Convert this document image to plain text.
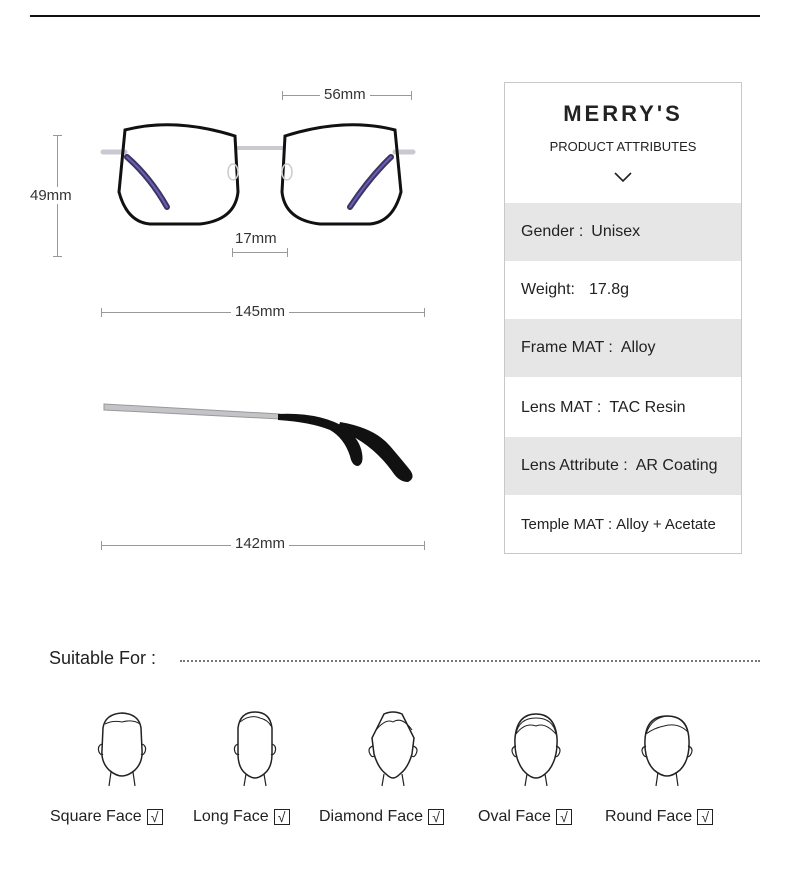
56mm
49mm
17mm
145mm
142mm
MERRY'S
PRODUCT ATTRIBUTES
Gender : Unisex
Weight: 17.8g
Frame MAT : Alloy
Lens MAT : TAC Resin
Lens Attribute : AR Coating
Temple MAT : Alloy + Acetate
Suitable For :
Square Face √ Long Face √ Diamond Face √ Oval Face √ Round Face √
